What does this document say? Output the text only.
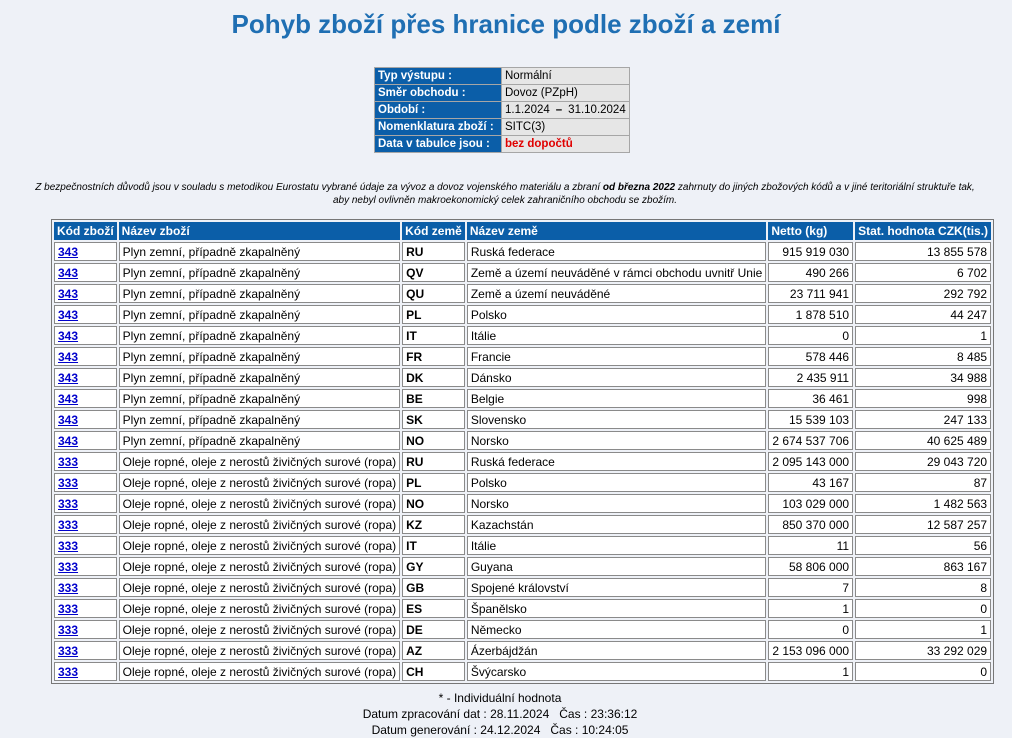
Pohyb zboží přes hranice podle zboží a zemí
Typ výstupu :	Normální
Směr obchodu :	Dovoz (PZpH)
Období :	1.1.2024 – 31.10.2024
Nomenklatura zboží :	SITC(3)
Data v tabulce jsou :	bez dopočtů
Z bezpečnostních důvodů jsou v souladu s metodikou Eurostatu vybrané údaje za vývoz a dovoz vojenského materiálu a zbraní od března 2022 zahrnuty do jiných zbožových kódů a v jiné teritoriální struktuře tak,
aby nebyl ovlivněn makroekonomický celek zahraničního obchodu se zbožím.
Kód zboží	Název zboží	Kód země	Název země	Netto (kg)	Stat. hodnota CZK(tis.)
343	Plyn zemní, případně zkapalněný	RU	Ruská federace	915 919 030	13 855 578
343	Plyn zemní, případně zkapalněný	QV	Země a území neuváděné v rámci obchodu uvnitř Unie	490 266	6 702
343	Plyn zemní, případně zkapalněný	QU	Země a území neuváděné	23 711 941	292 792
343	Plyn zemní, případně zkapalněný	PL	Polsko	1 878 510	44 247
343	Plyn zemní, případně zkapalněný	IT	Itálie	0	1
343	Plyn zemní, případně zkapalněný	FR	Francie	578 446	8 485
343	Plyn zemní, případně zkapalněný	DK	Dánsko	2 435 911	34 988
343	Plyn zemní, případně zkapalněný	BE	Belgie	36 461	998
343	Plyn zemní, případně zkapalněný	SK	Slovensko	15 539 103	247 133
343	Plyn zemní, případně zkapalněný	NO	Norsko	2 674 537 706	40 625 489
333	Oleje ropné, oleje z nerostů živičných surové (ropa)	RU	Ruská federace	2 095 143 000	29 043 720
333	Oleje ropné, oleje z nerostů živičných surové (ropa)	PL	Polsko	43 167	87
333	Oleje ropné, oleje z nerostů živičných surové (ropa)	NO	Norsko	103 029 000	1 482 563
333	Oleje ropné, oleje z nerostů živičných surové (ropa)	KZ	Kazachstán	850 370 000	12 587 257
333	Oleje ropné, oleje z nerostů živičných surové (ropa)	IT	Itálie	11	56
333	Oleje ropné, oleje z nerostů živičných surové (ropa)	GY	Guyana	58 806 000	863 167
333	Oleje ropné, oleje z nerostů živičných surové (ropa)	GB	Spojené království	7	8
333	Oleje ropné, oleje z nerostů živičných surové (ropa)	ES	Španělsko	1	0
333	Oleje ropné, oleje z nerostů živičných surové (ropa)	DE	Německo	0	1
333	Oleje ropné, oleje z nerostů živičných surové (ropa)	AZ	Ázerbájdžán	2 153 096 000	33 292 029
333	Oleje ropné, oleje z nerostů živičných surové (ropa)	CH	Švýcarsko	1	0
* - Individuální hodnota
Datum zpracování dat : 28.11.2024   Čas : 23:36:12
Datum generování : 24.12.2024   Čas : 10:24:05
